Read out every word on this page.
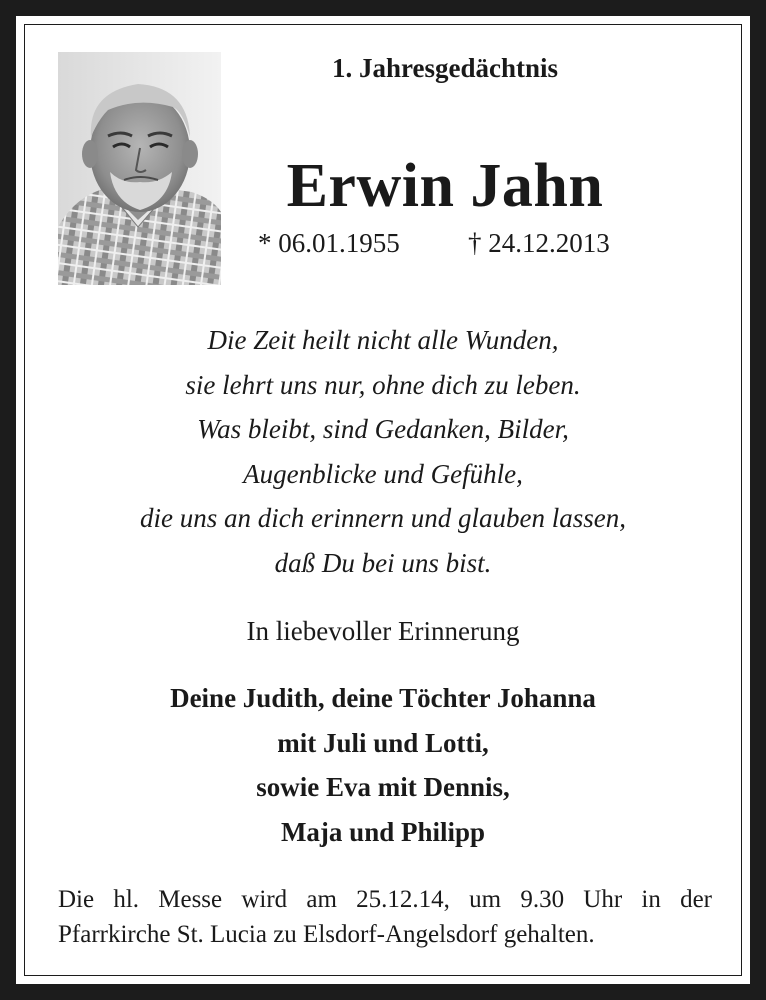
1. Jahresgedächtnis
Erwin Jahn
* 06.01.1955	† 24.12.2013
Die Zeit heilt nicht alle Wunden,
sie lehrt uns nur, ohne dich zu leben.
Was bleibt, sind Gedanken, Bilder,
Augenblicke und Gefühle,
die uns an dich erinnern und glauben lassen,
daß Du bei uns bist.
In liebevoller Erinnerung
Deine Judith, deine Töchter Johanna
mit Juli und Lotti,
sowie Eva mit Dennis,
Maja und Philipp
Die hl. Messe wird am 25.12.14, um 9.30 Uhr in der
Pfarrkirche St. Lucia zu Elsdorf-Angelsdorf gehalten.
